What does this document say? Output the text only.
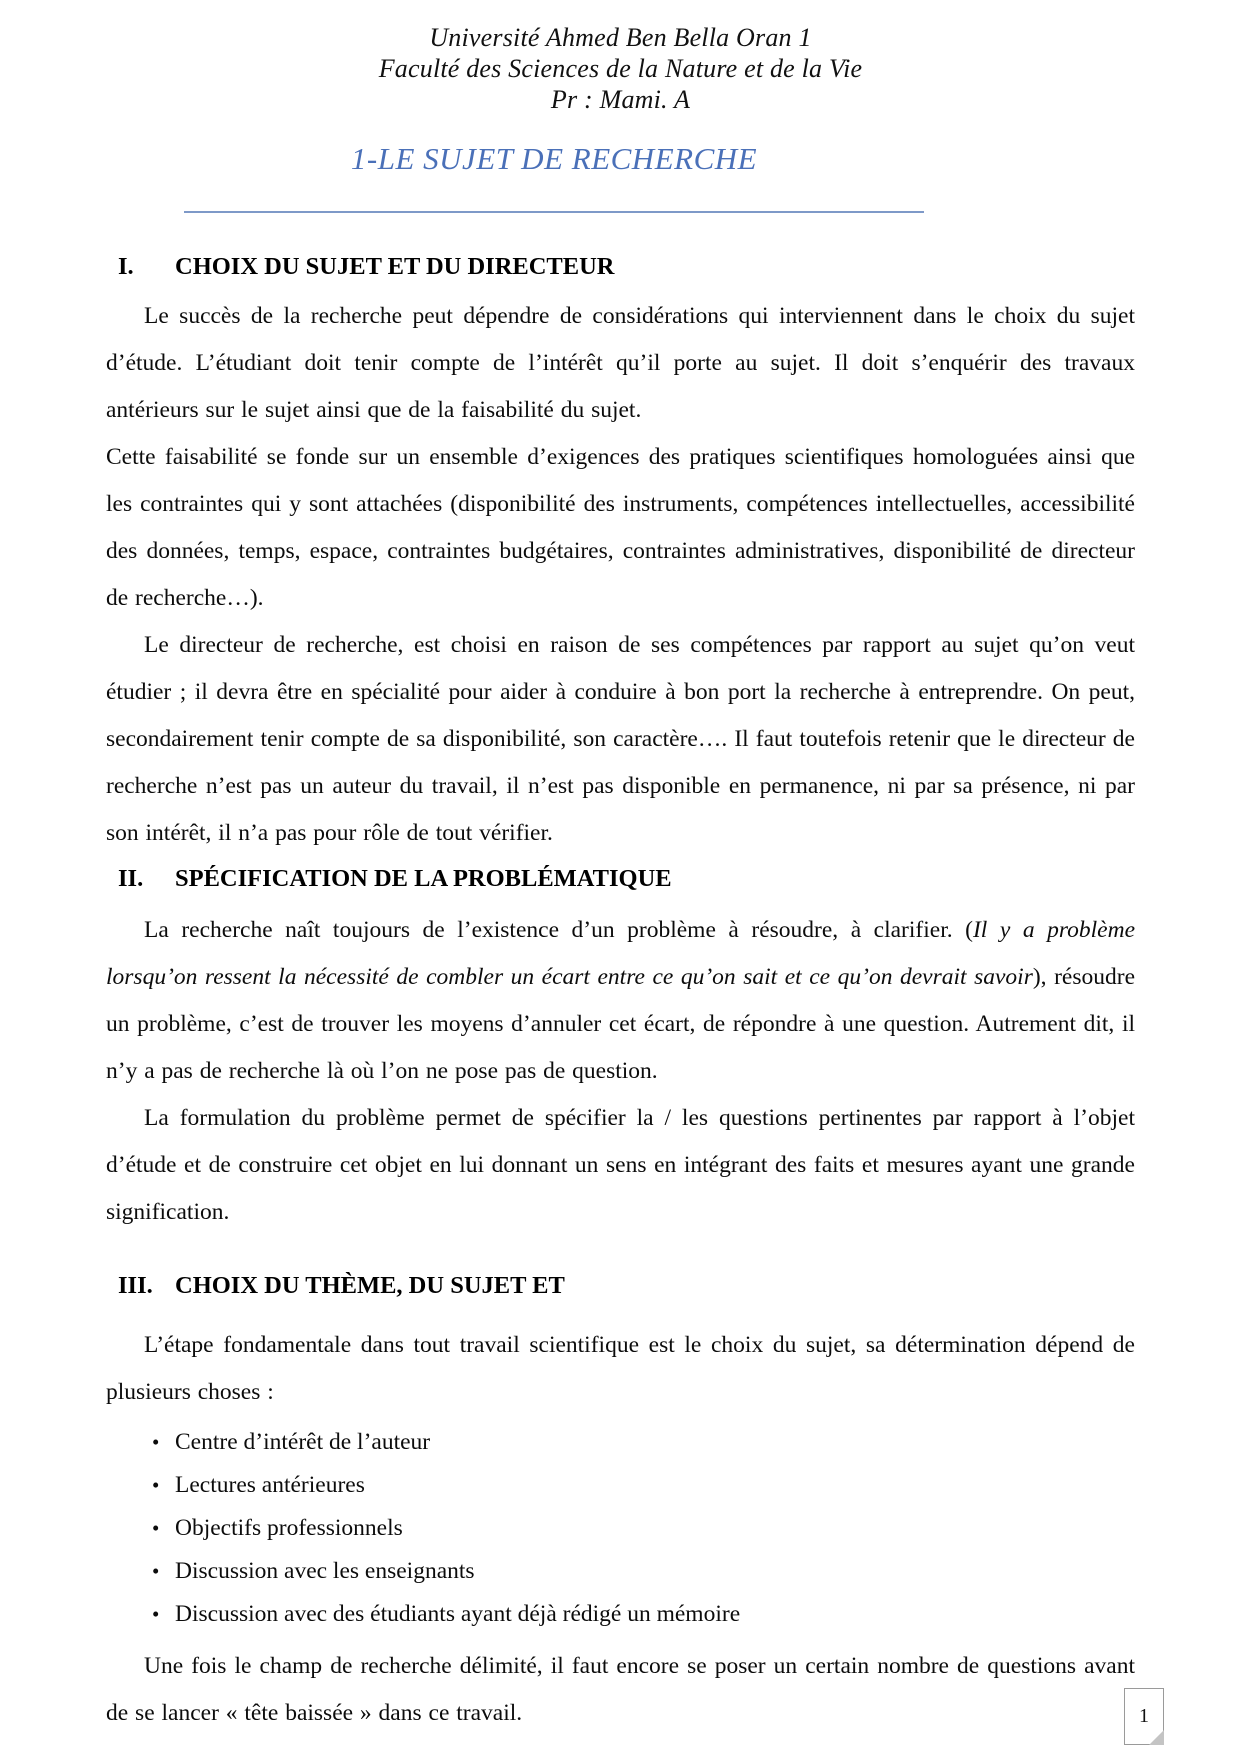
Université Ahmed Ben Bella Oran 1
Faculté des Sciences de la Nature et de la Vie
Pr : Mami. A
1-LE SUJET DE RECHERCHE
I.	CHOIX DU SUJET ET DU DIRECTEUR

Le succès de la recherche peut dépendre de considérations qui interviennent dans le choix du sujet d’étude. L’étudiant doit tenir compte de l’intérêt qu’il porte au sujet. Il doit s’enquérir des travaux antérieurs sur le sujet ainsi que de la faisabilité du sujet.

Cette faisabilité se fonde sur un ensemble d’exigences des pratiques scientifiques homologuées ainsi que les contraintes qui y sont attachées (disponibilité des instruments, compétences intellectuelles, accessibilité des données, temps, espace, contraintes budgétaires, contraintes administratives, disponibilité de directeur de recherche…).

Le directeur de recherche, est choisi en raison de ses compétences par rapport au sujet qu’on veut étudier ; il devra être en spécialité pour aider à conduire à bon port la recherche à entreprendre. On peut, secondairement tenir compte de sa disponibilité, son caractère…. Il faut toutefois retenir que le directeur de recherche n’est pas un auteur du travail, il n’est pas disponible en permanence, ni par sa présence, ni par son intérêt, il n’a pas pour rôle de tout vérifier.

II.	SPÉCIFICATION DE LA PROBLÉMATIQUE

La recherche naît toujours de l’existence d’un problème à résoudre, à clarifier. (Il y a problème lorsqu’on ressent la nécessité de combler un écart entre ce qu’on sait et ce qu’on devrait savoir), résoudre un problème, c’est de trouver les moyens d’annuler cet écart, de répondre à une question. Autrement dit, il n’y a pas de recherche là où l’on ne pose pas de question.

La formulation du problème permet de spécifier la / les questions pertinentes par rapport à l’objet d’étude et de construire cet objet en lui donnant un sens en intégrant des faits et mesures ayant une grande signification.

III. CHOIX DU THÈME, DU SUJET ET

L’étape fondamentale dans tout travail scientifique est le choix du sujet, sa détermination dépend de plusieurs choses :

• Centre d’intérêt de l’auteur
• Lectures antérieures
• Objectifs professionnels
• Discussion avec les enseignants
• Discussion avec des étudiants ayant déjà rédigé un mémoire

Une fois le champ de recherche délimité, il faut encore se poser un certain nombre de questions avant de se lancer « tête baissée » dans ce travail.	1
